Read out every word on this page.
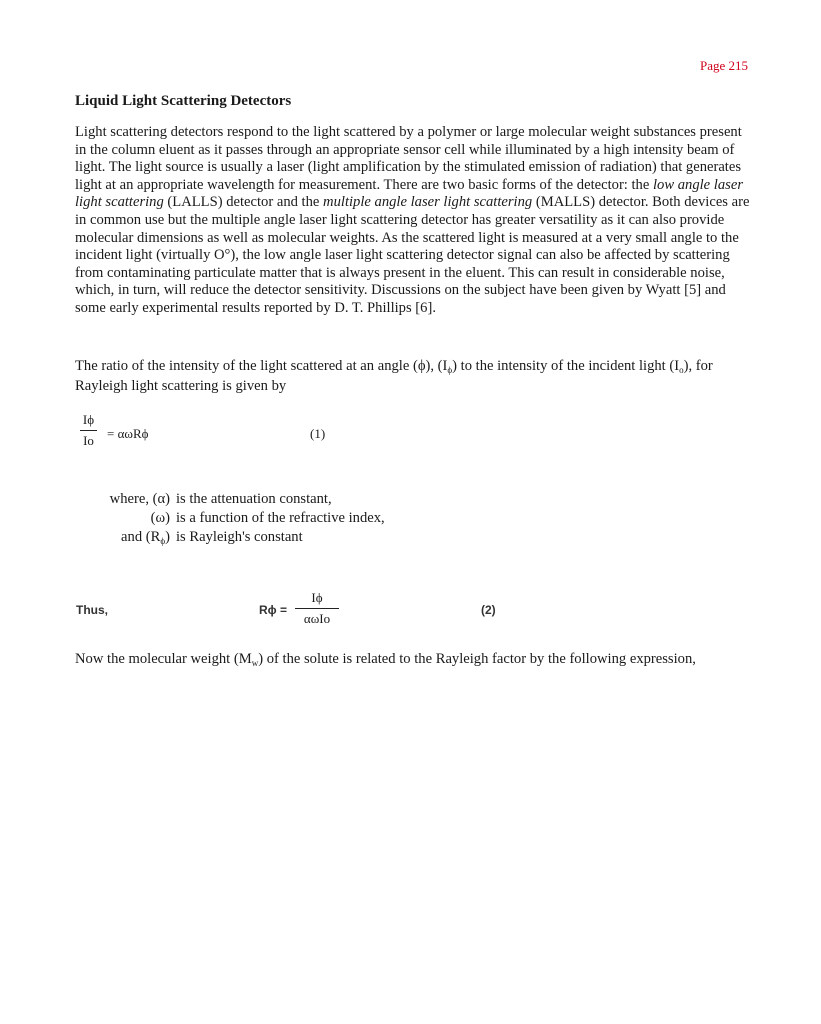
Page 215
Liquid Light Scattering Detectors
Light scattering detectors respond to the light scattered by a polymer or large molecular weight substances present in the column eluent as it passes through an appropriate sensor cell while illuminated by a high intensity beam of light. The light source is usually a laser (light amplification by the stimulated emission of radiation) that generates light at an appropriate wavelength for measurement. There are two basic forms of the detector: the low angle laser light scattering (LALLS) detector and the multiple angle laser light scattering (MALLS) detector. Both devices are in common use but the multiple angle laser light scattering detector has greater versatility as it can also provide molecular dimensions as well as molecular weights. As the scattered light is measured at a very small angle to the incident light (virtually O°), the low angle laser light scattering detector signal can also be affected by scattering from contaminating particulate matter that is always present in the eluent. This can result in considerable noise, which, in turn, will reduce the detector sensitivity. Discussions on the subject have been given by Wyatt [5] and some early experimental results reported by D. T. Phillips [6].
The ratio of the intensity of the light scattered at an angle (ϕ), $(I_\phi)$ to the intensity of the incident light $(I_o)$, for Rayleigh light scattering is given by
Iϕ
Io = αωRϕ	(1)
where, (α) is the attenuation constant,
(ω) is a function of the refractive index,
and $(R_\phi)$ is Rayleigh's constant
Thus,	Rϕ =
Iϕ
αωIo
(2)
Now the molecular weight $(M_w)$ of the solute is related to the Rayleigh factor by the following expression,
